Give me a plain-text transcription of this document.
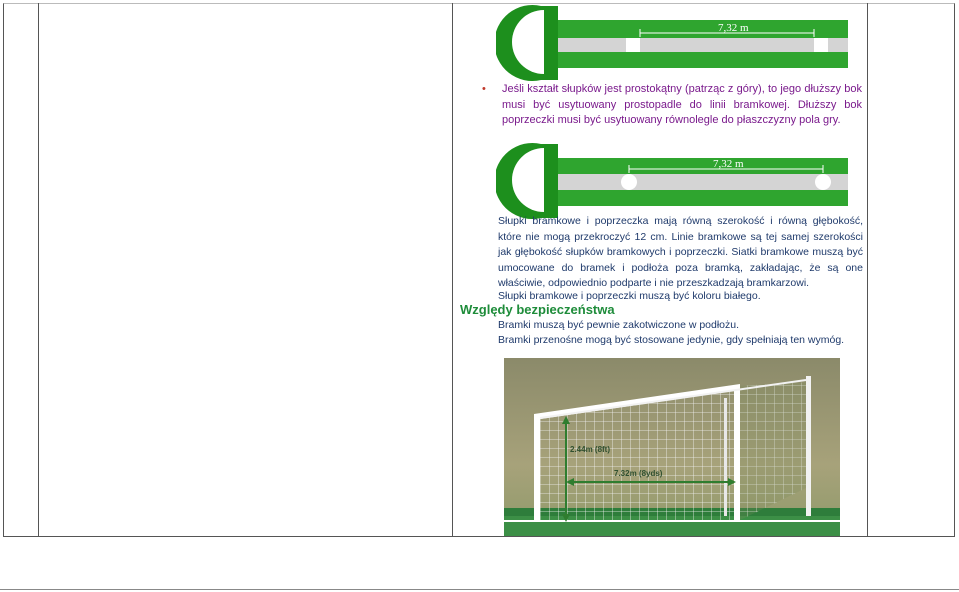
7,32 m
•	Jeśli kształt słupków jest prostokątny (patrząc z góry), to jego dłuższy bok musi być usytuowany prostopadle do linii bramkowej. Dłuższy bok poprzeczki musi być usytuowany równolegle do płaszczyzny pola gry.
7,32 m
Słupki bramkowe i poprzeczka mają równą szerokość i równą głębokość, które nie mogą przekroczyć 12 cm. Linie bramkowe są tej samej szerokości jak głębokość słupków bramkowych i poprzeczki. Siatki bramkowe muszą być umocowane do bramek i podłoża poza bramką, zakładając, że są one właściwie, odpowiednio podparte i nie przeszkadzają bramkarzowi.
Słupki bramkowe i poprzeczki muszą być koloru białego.
Względy bezpieczeństwa
Bramki muszą być pewnie zakotwiczone w podłożu.
Bramki przenośne mogą być stosowane jedynie, gdy spełniają ten wymóg.
2.44m (8ft)
7.32m (8yds)
